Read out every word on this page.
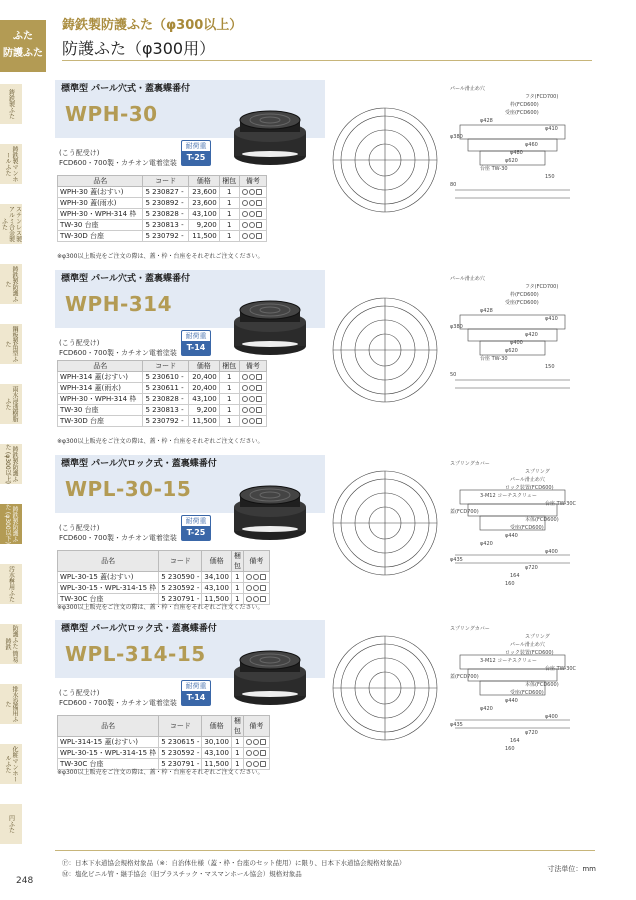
ふた
防護ふた
鋳鉄製ふた
鋳鉄製マンホールふた
ステンレス製アルミ合金製ふた
鋳鉄製防護ふた
鋼板製角型ふた
雨水浸透樹脂ふた
鋳鉄製防護ふた (φ300以上)
鋳鉄製防護ふた (φ300以下)
汚水桝用ふた
防護ふた 簡易鋳鉄
排水設備用ふた
化粧マンホールふた
円ふた
鋳鉄製防護ふた（φ300以上）
防護ふた（φ300用）
標準型 パール穴式・蓋裏蝶番付
WPH-30
(こう配受け)
FCD600・700製・カチオン電着塗装
耐荷重
T-25
パール滑止め穴
フタ(FCD700)
枠(FCD600)
受座(FCD600)
φ428
φ410
φ380
φ460
φ480
φ620
台座 TW-30
150
80
品名	コード	価格	梱包	備考
WPH-30 蓋(おすい)	5 230827 -	23,600	1	
WPH-30 蓋(雨水)	5 230892 -	23,600	1	
WPH-30・WPH-314 枠	5 230828 -	43,100	1	
TW-30 台座	5 230813 -	9,200	1	
TW-30D 台座	5 230792 -	11,500	1	
※φ300以上販売をご注文の際は、蓋・枠・台座をそれぞれご注文ください。
標準型 パール穴式・蓋裏蝶番付
WPH-314
(こう配受け)
FCD600・700製・カチオン電着塗装
耐荷重
T-14
パール滑止め穴
フタ(FCD700)
枠(FCD600)
受座(FCD600)
φ428
φ410
φ380
φ420
φ400
φ620
台座 TW-30
150
50
品名	コード	価格	梱包	備考
WPH-314 蓋(おすい)	5 230610 -	20,400	1	
WPH-314 蓋(雨水)	5 230611 -	20,400	1	
WPH-30・WPH-314 枠	5 230828 -	43,100	1	
TW-30 台座	5 230813 -	9,200	1	
TW-30D 台座	5 230792 -	11,500	1	
※φ300以上販売をご注文の際は、蓋・枠・台座をそれぞれご注文ください。
標準型 パール穴ロック式・蓋裏蝶番付
WPL-30-15
(こう配受け)
FCD600・700製・カチオン電着塗装
耐荷重
T-25
スプリングカバー
スプリング
パール滑止め穴
ロック装置(FCD600)
3-M12 コーチスクリュー
台座 TW-30C
蓋(FCD700)
本体(FCD600)
受座(FCD600)
φ440
φ420
φ400
φ435
φ720
164
160
品名	コード	価格	梱包	備考
WPL-30-15 蓋(おすい)	5 230590 -	34,100	1	
WPL-30-15・WPL-314-15 枠	5 230592 -	43,100	1	
TW-30C 台座	5 230791 -	11,500	1	
※φ300以上販売をご注文の際は、蓋・枠・台座をそれぞれご注文ください。
標準型 パール穴ロック式・蓋裏蝶番付
WPL-314-15
(こう配受け)
FCD600・700製・カチオン電着塗装
耐荷重
T-14
スプリングカバー
スプリング
パール滑止め穴
ロック装置(FCD600)
3-M12 コーチスクリュー
台座 TW-30C
蓋(FCD700)
本体(FCD600)
受座(FCD600)
φ440
φ420
φ400
φ435
φ720
164
160
品名	コード	価格	梱包	備考
WPL-314-15 蓋(おすい)	5 230615 -	30,100	1	
WPL-30-15・WPL-314-15 枠	5 230592 -	43,100	1	
TW-30C 台座	5 230791 -	11,500	1	
※φ300以上販売をご注文の際は、蓋・枠・台座をそれぞれご注文ください。
Ⓕ：日本下水道協会規格対象品（※：自治体仕様（蓋・枠・台座のセット使用）に限り、日本下水道協会規格対象品）
Ⓜ：塩化ビニル管・継手協会（旧プラスチック・マスマンホール協会）規格対象品
寸法単位：mm
248
